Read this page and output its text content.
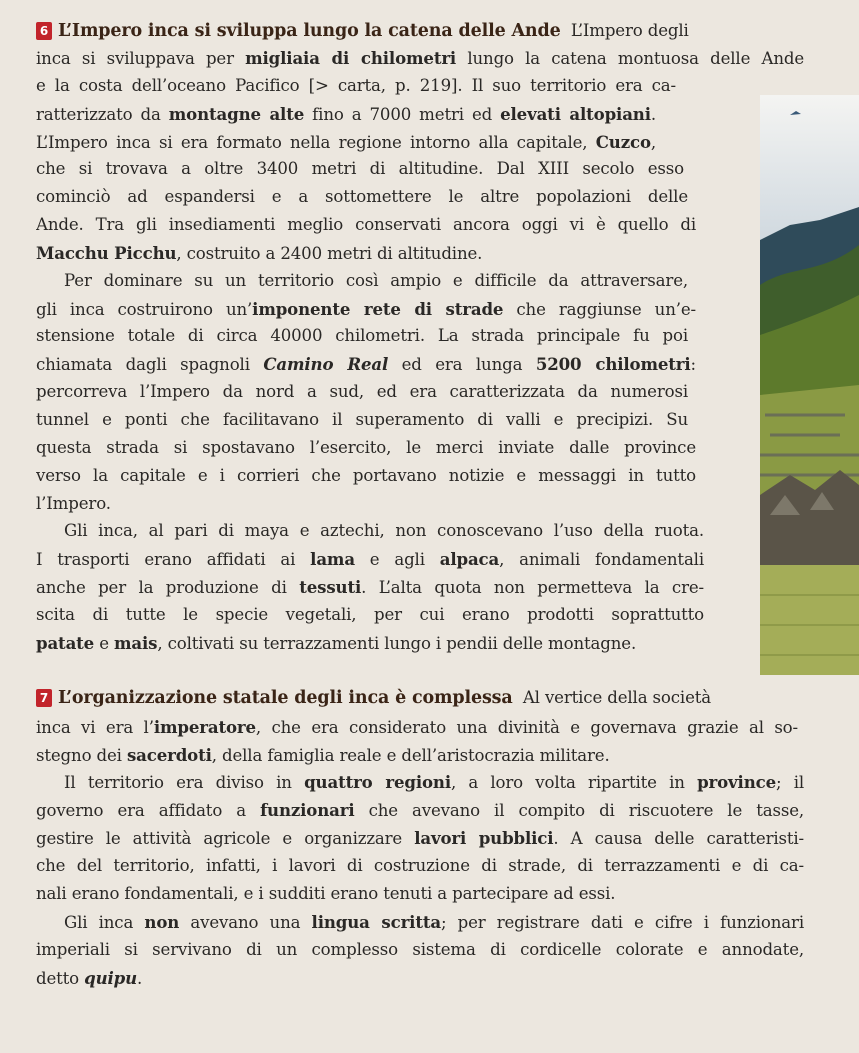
6 L’Impero inca si sviluppa lungo la catena delle Ande L’Impero degli
inca si sviluppava per migliaia di chilometri lungo la catena montuosa delle Ande
e la costa dell’oceano Pacifico [> carta, p. 219]. Il suo territorio era ca-
ratterizzato da montagne alte fino a 7000 metri ed elevati altopiani.
L’Impero inca si era formato nella regione intorno alla capitale, Cuzco,
che si trovava a oltre 3400 metri di altitudine. Dal XIII secolo esso
cominciò ad espandersi e a sottomettere le altre popolazioni delle
Ande. Tra gli insediamenti meglio conservati ancora oggi vi è quello di
Macchu Picchu, costruito a 2400 metri di altitudine.
Per dominare su un territorio così ampio e difficile da attraversare,
gli inca costruirono un’imponente rete di strade che raggiunse un’e-
stensione totale di circa 40000 chilometri. La strada principale fu poi
chiamata dagli spagnoli Camino Real ed era lunga 5200 chilometri:
percorreva l’Impero da nord a sud, ed era caratterizzata da numerosi
tunnel e ponti che facilitavano il superamento di valli e precipizi. Su
questa strada si spostavano l’esercito, le merci inviate dalle province
verso la capitale e i corrieri che portavano notizie e messaggi in tutto
l’Impero.
Gli inca, al pari di maya e aztechi, non conoscevano l’uso della ruota.
I trasporti erano affidati ai lama e agli alpaca, animali fondamentali
anche per la produzione di tessuti. L’alta quota non permetteva la cre-
scita di tutte le specie vegetali, per cui erano prodotti soprattutto
patate e mais, coltivati su terrazzamenti lungo i pendii delle montagne.
7 L’organizzazione statale degli inca è complessa Al vertice della società
inca vi era l’imperatore, che era considerato una divinità e governava grazie al so-
stegno dei sacerdoti, della famiglia reale e dell’aristocrazia militare.
Il territorio era diviso in quattro regioni, a loro volta ripartite in province; il
governo era affidato a funzionari che avevano il compito di riscuotere le tasse,
gestire le attività agricole e organizzare lavori pubblici. A causa delle caratteristi-
che del territorio, infatti, i lavori di costruzione di strade, di terrazzamenti e di ca-
nali erano fondamentali, e i sudditi erano tenuti a partecipare ad essi.
Gli inca non avevano una lingua scritta; per registrare dati e cifre i funzionari
imperiali si servivano di un complesso sistema di cordicelle colorate e annodate,
detto quipu.
